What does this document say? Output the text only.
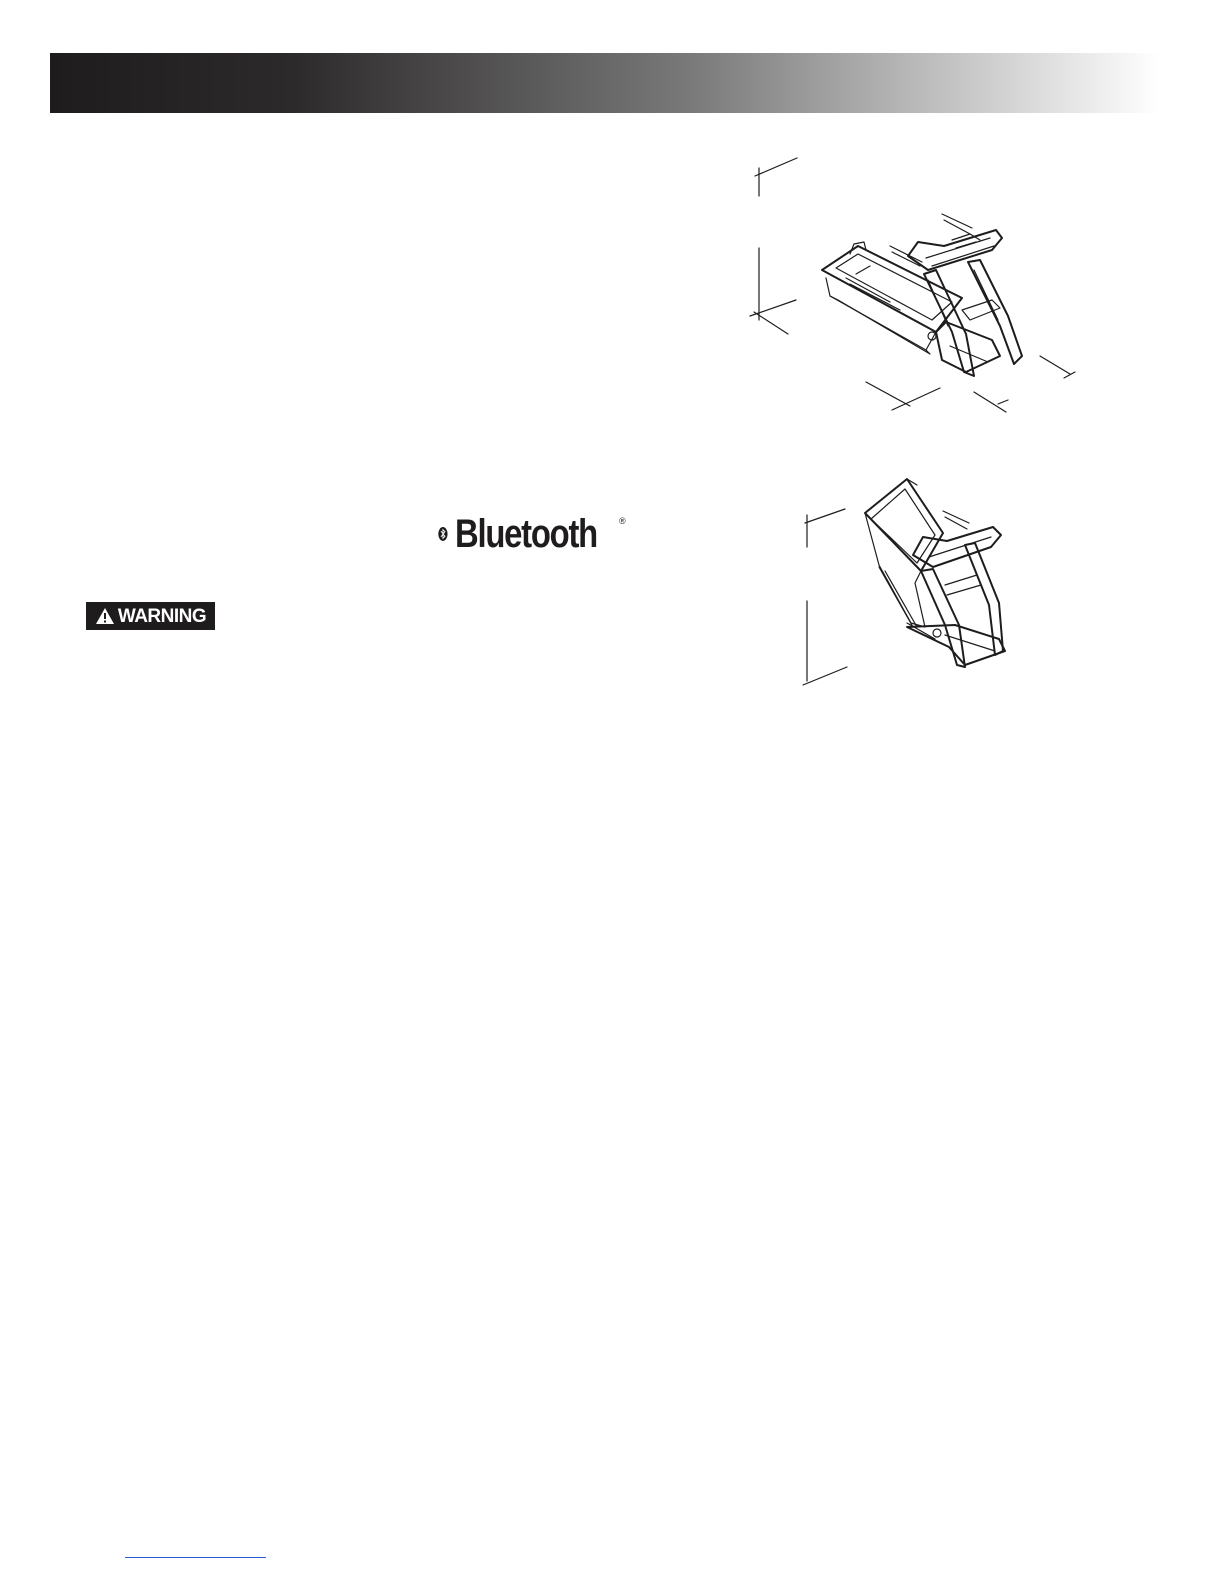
Bluetooth ®
WARNING
